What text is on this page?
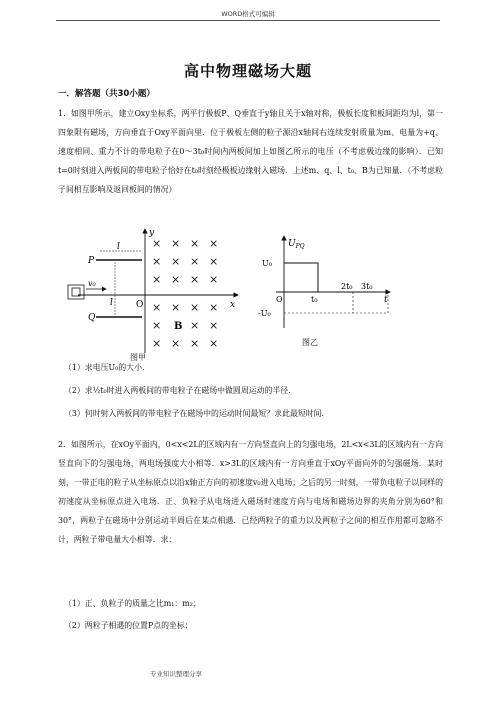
WORD格式可编辑
高中物理磁场大题
一．解答题（共30小题）
1．如图甲所示，建立Oxy坐标系，两平行极板P、Q垂直于y轴且关于x轴对称，极板长度和板间距均为l，第一四象限有磁场，方向垂直于Oxy平面向里．位于极板左侧的粒子源沿x轴间右连续发射质量为m、电量为+q、速度相同、重力不计的带电粒子在0～3t₀时间内两板间加上如图乙所示的电压（不考虑极边缘的影响）．已知t=0时刻进入两板间的带电粒子恰好在t₀时刻经极板边缘射入磁场．上述m、q、l、t₀、B为已知量．（不考虑粒子间相互影响及返回板间的情况）
y
x
O
P
Q
l
l
v₀
× × × ×
× × × ×
× × × ×
× × × ×
×	× ×
× × × ×
B
图甲
$U_{PQ}$
U₀
-U₀
O	t
t₀
2t₀ 3t₀
图乙
（1）求电压U₀的大小．
（2）求½t₀时进入两板间的带电粒子在磁场中做圆周运动的半径．
（3）何时射入两板间的带电粒子在磁场中的运动时间最短？求此最短时间．
2．如图所示，在xOy平面内，0<x<2L的区域内有一方向竖直向上的匀强电场，2L<x<3L的区域内有一方向竖直向下的匀强电场，两电场强度大小相等．x>3L的区域内有一方向垂直于xOy平面向外的匀强磁场．某时刻，一带正电的粒子从坐标原点以沿x轴正方向的初速度v₀进入电场；之后的另一时刻，一带负电粒子以同样的初速度从坐标原点进入电场．正、负粒子从电场进入磁场时速度方向与电场和磁场边界的夹角分别为60°和30°，两粒子在磁场中分别运动半周后在某点相遇．已经两粒子的重力以及两粒子之间的相互作用都可忽略不计，两粒子带电量大小相等．求：
（1）正、负粒子的质量之比m₁：m₂；
（2）两粒子相遇的位置P点的坐标；
专业知识整理分享
